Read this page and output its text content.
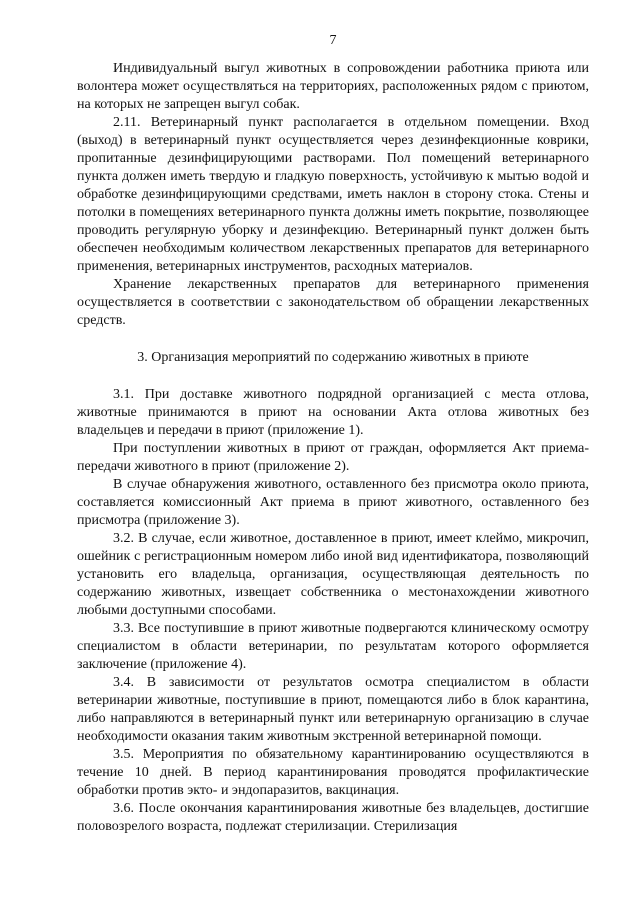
7

Индивидуальный выгул животных в сопровождении работника приюта или волонтера может осуществляться на территориях, расположенных рядом с приютом, на которых не запрещен выгул собак.

2.11. Ветеринарный пункт располагается в отдельном помещении. Вход (выход) в ветеринарный пункт осуществляется через дезинфекционные коврики, пропитанные дезинфицирующими растворами. Пол помещений ветеринарного пункта должен иметь твердую и гладкую поверхность, устойчивую к мытью водой и обработке дезинфицирующими средствами, иметь наклон в сторону стока. Стены и потолки в помещениях ветеринарного пункта должны иметь покрытие, позволяющее проводить регулярную уборку и дезинфекцию. Ветеринарный пункт должен быть обеспечен необходимым количеством лекарственных препаратов для ветеринарного применения, ветеринарных инструментов, расходных материалов.

Хранение лекарственных препаратов для ветеринарного применения осуществляется в соответствии с законодательством об обращении лекарственных средств.

3. Организация мероприятий по содержанию животных в приюте

3.1. При доставке животного подрядной организацией с места отлова, животные принимаются в приют на основании Акта отлова животных без владельцев и передачи в приют (приложение 1).

При поступлении животных в приют от граждан, оформляется Акт приема-передачи животного в приют (приложение 2).

В случае обнаружения животного, оставленного без присмотра около приюта, составляется комиссионный Акт приема в приют животного, оставленного без присмотра (приложение 3).

3.2. В случае, если животное, доставленное в приют, имеет клеймо, микрочип, ошейник с регистрационным номером либо иной вид идентификатора, позволяющий установить его владельца, организация, осуществляющая деятельность по содержанию животных, извещает собственника о местонахождении животного любыми доступными способами.

3.3. Все поступившие в приют животные подвергаются клиническому осмотру специалистом в области ветеринарии, по результатам которого оформляется заключение (приложение 4).

3.4. В зависимости от результатов осмотра специалистом в области ветеринарии животные, поступившие в приют, помещаются либо в блок карантина, либо направляются в ветеринарный пункт или ветеринарную организацию в случае необходимости оказания таким животным экстренной ветеринарной помощи.

3.5. Мероприятия по обязательному карантинированию осуществляются в течение 10 дней. В период карантинирования проводятся профилактические обработки против экто- и эндопаразитов, вакцинация.

3.6. После окончания карантинирования животные без владельцев, достигшие половозрелого возраста, подлежат стерилизации. Стерилизация
